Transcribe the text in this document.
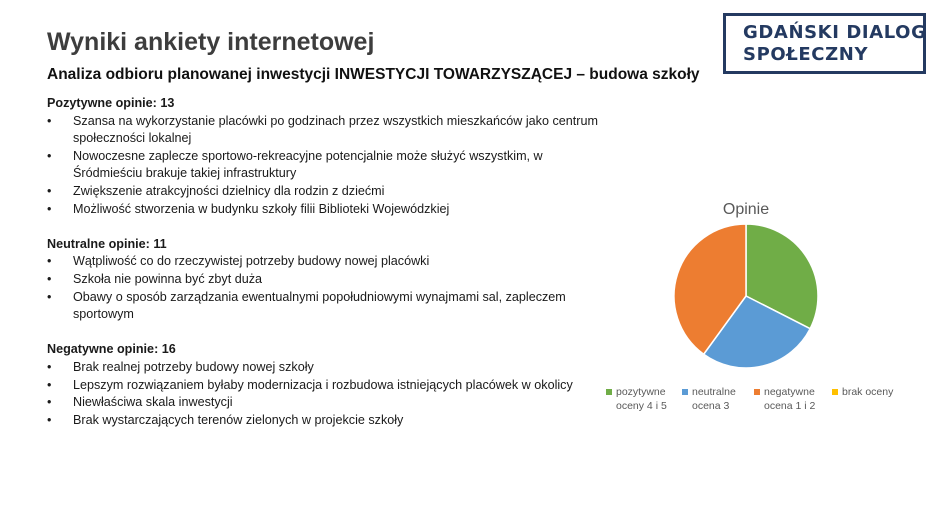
GDAŃSKI DIALOG
SPOŁECZNY
Wyniki ankiety internetowej
Analiza odbioru planowanej inwestycji INWESTYCJI TOWARZYSZĄCEJ – budowa szkoły

Pozytywne opinie: 13

• Szansa na wykorzystanie placówki po godzinach przez wszystkich mieszkańców jako centrum społeczności lokalnej
• Nowoczesne zaplecze sportowo-rekreacyjne potencjalnie może służyć wszystkim, w Śródmieściu brakuje takiej infrastruktury
• Zwiększenie atrakcyjności dzielnicy dla rodzin z dziećmi
• Możliwość stworzenia w budynku szkoły filii Biblioteki Wojewódzkiej

Neutralne opinie: 11

• Wątpliwość co do rzeczywistej potrzeby budowy nowej placówki
• Szkoła nie powinna być zbyt duża
• Obawy o sposób zarządzania ewentualnymi popołudniowymi wynajmami sal, zapleczem sportowym

Negatywne opinie: 16

• Brak realnej potrzeby budowy nowej szkoły
• Lepszym rozwiązaniem byłaby modernizacja i rozbudowa istniejących placówek w okolicy
• Niewłaściwa skala inwestycji
• Brak wystarczających terenów zielonych w projekcie szkoły
Opinie
pozytywne
oceny 4 i 5
neutralne
ocena 3
negatywne
ocena 1 i 2
brak oceny
